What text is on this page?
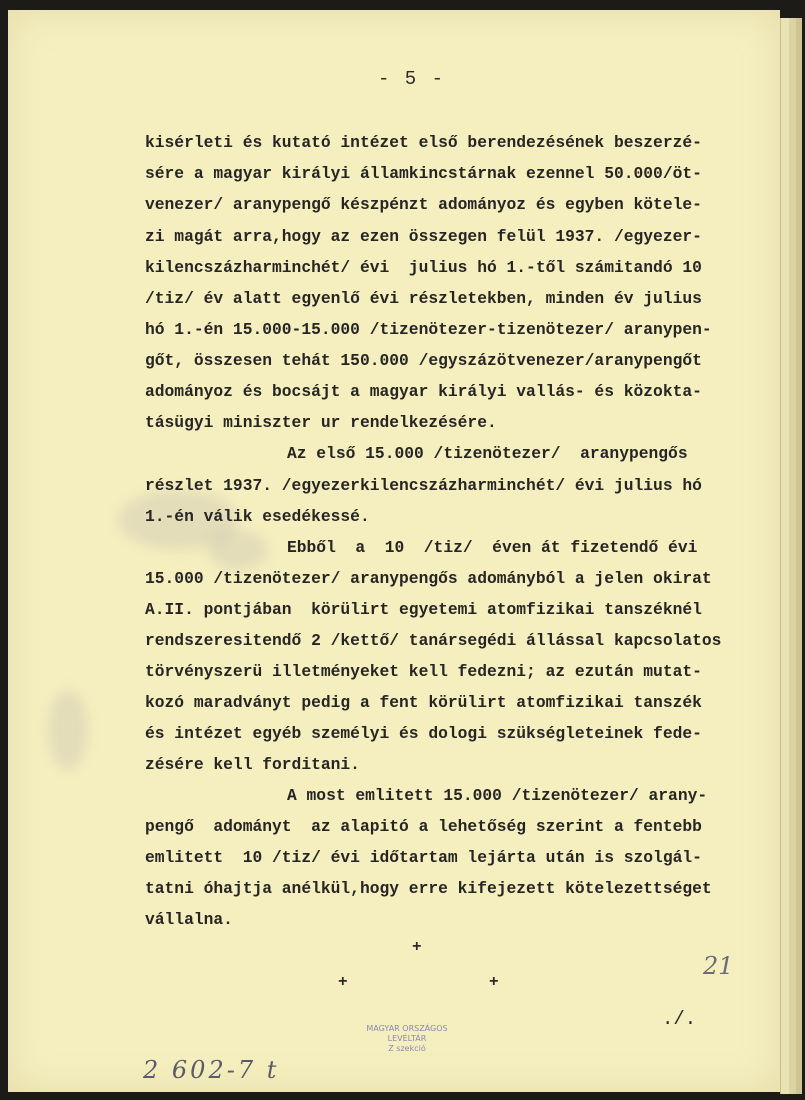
- 5 -
kisérleti és kutató intézet első berendezésének beszerzé-
sére a magyar királyi államkincstárnak ezennel 50.000/öt-
venezer/ aranypengő készpénzt adományoz és egyben kötele-
zi magát arra,hogy az ezen összegen felül 1937. /egyezer-
kilencszázharminchét/ évi  julius hó 1.-től számitandó 10
/tiz/ év alatt egyenlő évi részletekben, minden év julius
hó 1.-én 15.000-15.000 /tizenötezer-tizenötezer/ aranypen-
gőt, összesen tehát 150.000 /egyszázötvenezer/aranypengőt
adományoz és bocsájt a magyar királyi vallás- és közokta-
tásügyi miniszter ur rendelkezésére.
Az első 15.000 /tizenötezer/  aranypengős
részlet 1937. /egyezerkilencszázharminchét/ évi julius hó
1.-én válik esedékessé.
Ebből  a  10  /tiz/  éven át fizetendő évi
15.000 /tizenötezer/ aranypengős adományból a jelen okirat
A.II. pontjában  körülirt egyetemi atomfizikai tanszéknél
rendszeresitendő 2 /kettő/ tanársegédi állással kapcsolatos
törvényszerü illetményeket kell fedezni; az ezután mutat-
kozó maradványt pedig a fent körülirt atomfizikai tanszék
és intézet egyéb személyi és dologi szükségleteinek fede-
zésére kell forditani.
A most emlitett 15.000 /tizenötezer/ arany-
pengő  adományt  az alapitó a lehetőség szerint a fentebb
emlitett  10 /tiz/ évi időtartam lejárta után is szolgál-
tatni óhajtja anélkül,hogy erre kifejezett kötelezettséget
vállalna.
+
+	+
./.
21
2 602-7 t
MAGYAR ORSZÁGOS LEVÉLTÁR
Z szekció
